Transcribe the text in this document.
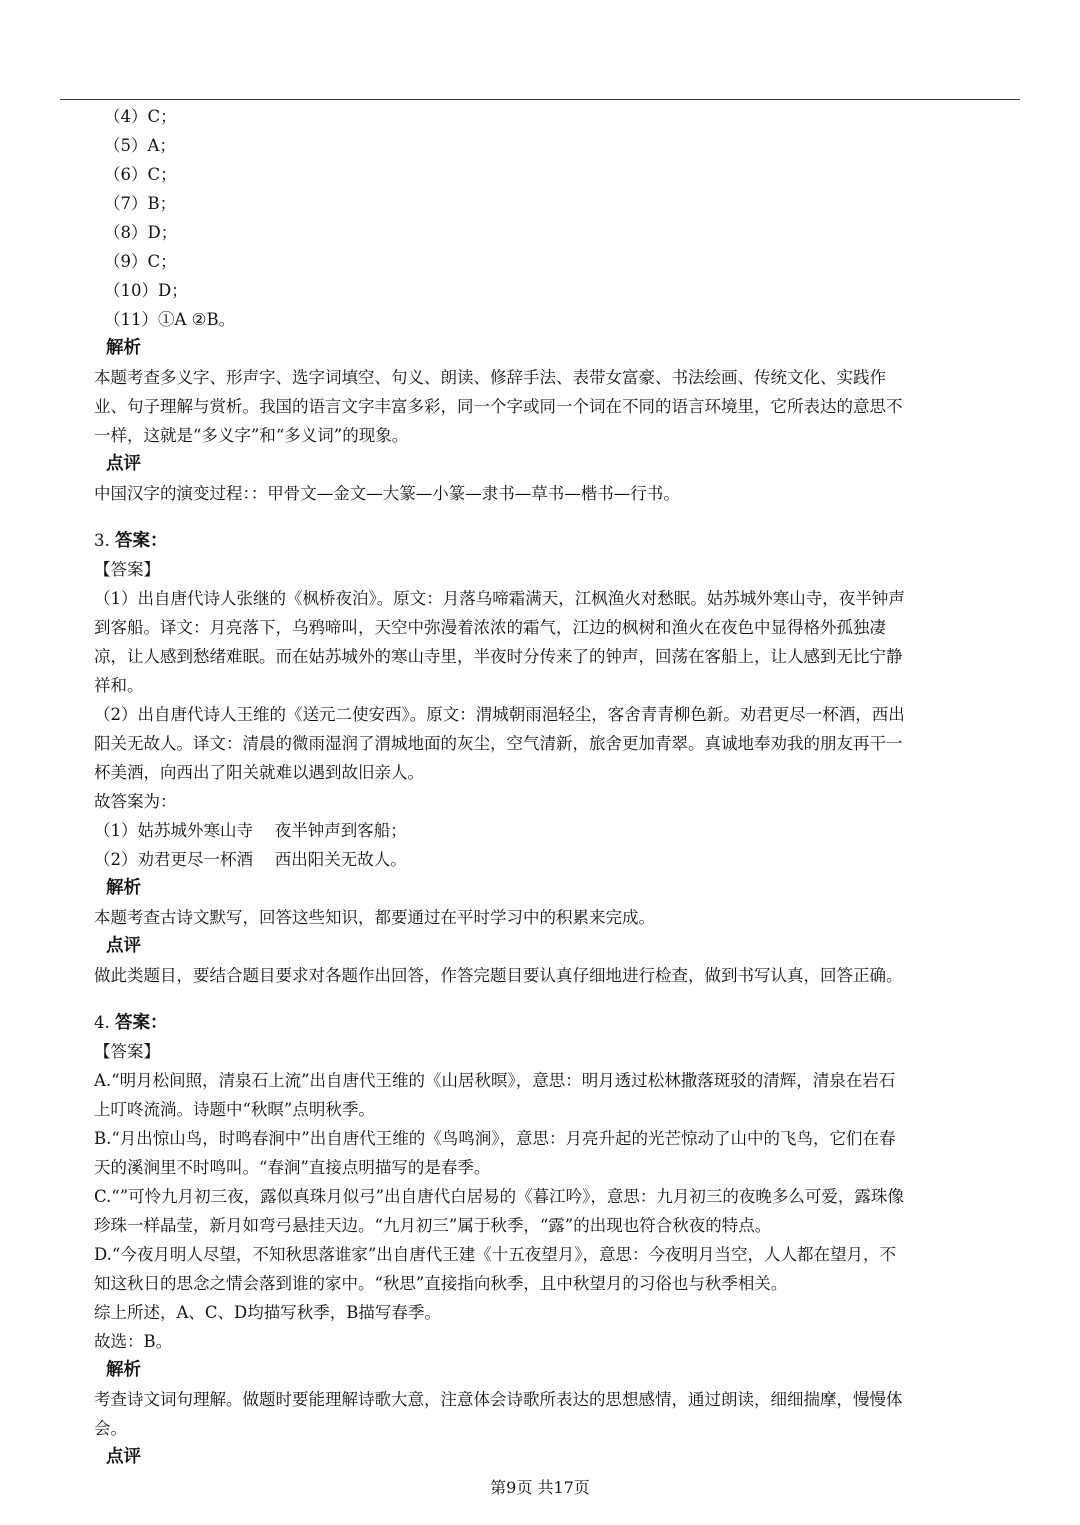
（4）C；
（5）A；
（6）C；
（7）B；
（8）D；
（9）C；
（10）D；
（11）①A ②B。
解析
本题考查多义字、形声字、选字词填空、句义、朗读、修辞手法、表带女富豪、书法绘画、传统文化、实践作
业、句子理解与赏析。我国的语言文字丰富多彩，同一个字或同一个词在不同的语言环境里，它所表达的意思不
一样，这就是“多义字”和“多义词”的现象。
点评
中国汉字的演变过程：：甲骨文—金文—大篆—小篆—隶书—草书—楷书—行书。
3. 答案：
【答案】
（1）出自唐代诗人张继的《枫桥夜泊》。原文：月落乌啼霜满天，江枫渔火对愁眠。姑苏城外寒山寺，夜半钟声
到客船。译文：月亮落下，乌鸦啼叫，天空中弥漫着浓浓的霜气，江边的枫树和渔火在夜色中显得格外孤独凄
凉，让人感到愁绪难眠。而在姑苏城外的寒山寺里，半夜时分传来了的钟声，回荡在客船上，让人感到无比宁静
祥和。
（2）出自唐代诗人王维的《送元二使安西》。原文：渭城朝雨浥轻尘，客舍青青柳色新。劝君更尽一杯酒，西出
阳关无故人。译文：清晨的微雨湿润了渭城地面的灰尘，空气清新，旅舍更加青翠。真诚地奉劝我的朋友再干一
杯美酒，向西出了阳关就难以遇到故旧亲人。
故答案为：
（1）姑苏城外寒山寺　 夜半钟声到客船；
（2）劝君更尽一杯酒　 西出阳关无故人。
解析
本题考查古诗文默写，回答这些知识，都要通过在平时学习中的积累来完成。
点评
做此类题目，要结合题目要求对各题作出回答，作答完题目要认真仔细地进行检查，做到书写认真，回答正确。
4. 答案：
【答案】
A.“明月松间照，清泉石上流”出自唐代王维的《山居秋暝》，意思：明月透过松林撒落斑驳的清辉，清泉在岩石
上叮咚流淌。诗题中“秋暝”点明秋季。
B.“月出惊山鸟，时鸣春涧中”出自唐代王维的《鸟鸣涧》，意思：月亮升起的光芒惊动了山中的飞鸟，它们在春
天的溪涧里不时鸣叫。“春涧”直接点明描写的是春季。
C.“”可怜九月初三夜，露似真珠月似弓”出自唐代白居易的《暮江吟》，意思：九月初三的夜晚多么可爱，露珠像
珍珠一样晶莹，新月如弯弓悬挂天边。“九月初三”属于秋季，“露”的出现也符合秋夜的特点。
D.“今夜月明人尽望，不知秋思落谁家”出自唐代王建《十五夜望月》，意思：今夜明月当空，人人都在望月，不
知这秋日的思念之情会落到谁的家中。“秋思”直接指向秋季，且中秋望月的习俗也与秋季相关。
综上所述，A、C、D均描写秋季，B描写春季。
故选：B。
解析
考查诗文词句理解。做题时要能理解诗歌大意，注意体会诗歌所表达的思想感情，通过朗读，细细揣摩，慢慢体
会。
点评
第9页 共17页
